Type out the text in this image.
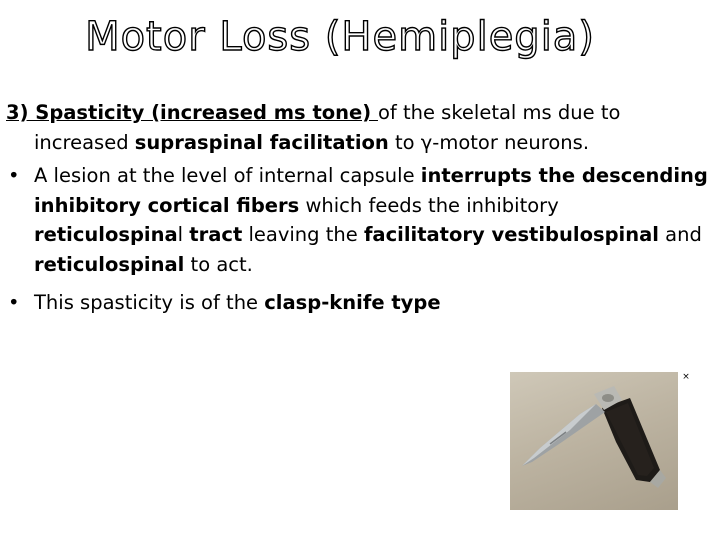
Motor Loss (Hemiplegia)

3) Spasticity (increased ms tone) of the skeletal ms due to increased supraspinal facilitation to γ-motor neurons.

• A lesion at the level of internal capsule interrupts the descending inhibitory cortical fibers which feeds the inhibitory reticulospinal tract leaving the facilitatory vestibulospinal and reticulospinal to act.

• This spasticity is of the clasp-knife type

×
